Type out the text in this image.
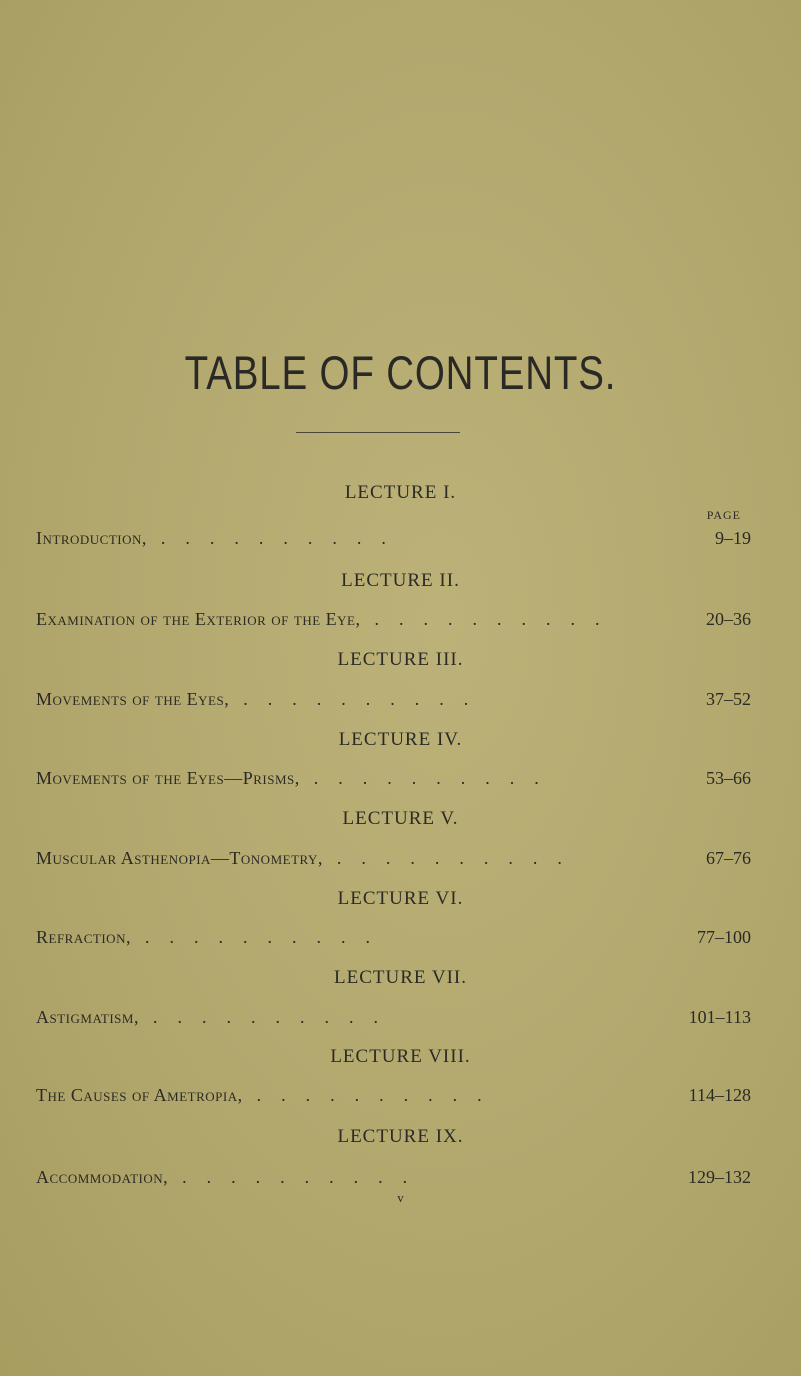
TABLE OF CONTENTS.
PAGE
LECTURE I.
Introduction, ..........	9–19
LECTURE II.
Examination of the Exterior of the Eye, ..........	20–36
LECTURE III.
Movements of the Eyes, ..........	37–52
LECTURE IV.
Movements of the Eyes—Prisms, ..........	53–66
LECTURE V.
Muscular Asthenopia—Tonometry, ..........	67–76
LECTURE VI.
Refraction, ..........	77–100
LECTURE VII.
Astigmatism, ..........	101–113
LECTURE VIII.
The Causes of Ametropia, ..........	114–128
LECTURE IX.
Accommodation, ..........	129–132
v
